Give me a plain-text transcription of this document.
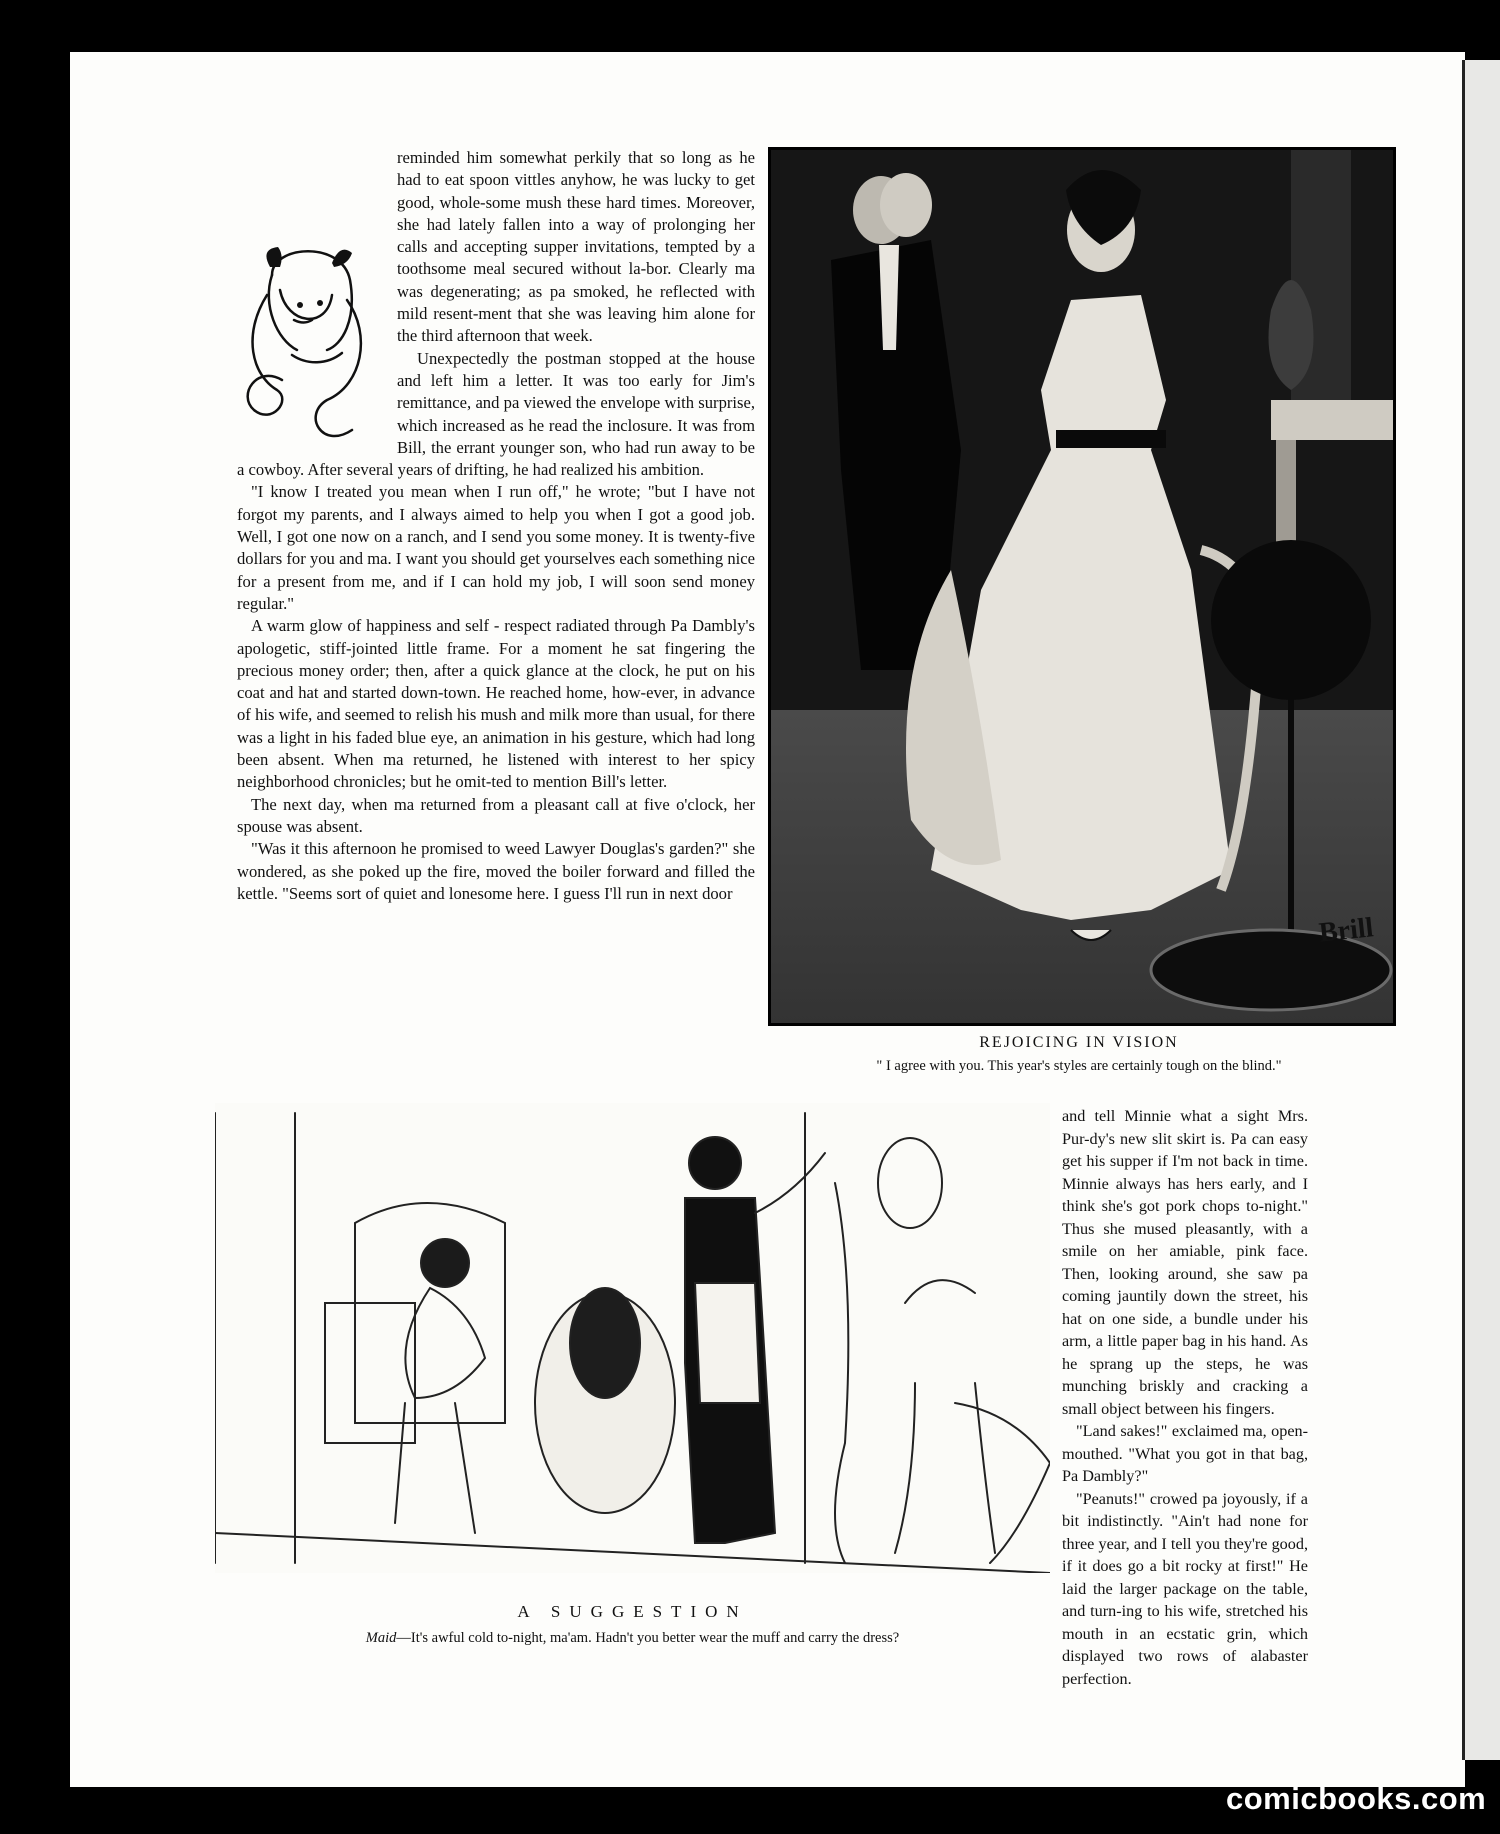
reminded him somewhat perkily that so long as he had to eat spoon vittles anyhow, he was lucky to get good, whole-some mush these hard times. Moreover, she had lately fallen into a way of prolonging her calls and accepting supper invitations, tempted by a toothsome meal secured without la-bor. Clearly ma was degenerating; as pa smoked, he reflected with mild resent-ment that she was leaving him alone for the third afternoon that week.

Unexpectedly the postman stopped at the house and left him a letter. It was too early for Jim's remittance, and pa viewed the envelope with surprise, which increased as he read the inclosure. It was from Bill, the errant younger son, who had run away to be a cowboy. After several years of drifting, he had realized his ambition.

"I know I treated you mean when I run off," he wrote; "but I have not forgot my parents, and I always aimed to help you when I got a good job. Well, I got one now on a ranch, and I send you some money. It is twenty-five dollars for you and ma. I want you should get yourselves each something nice for a present from me, and if I can hold my job, I will soon send money regular."

A warm glow of happiness and self - respect radiated through Pa Dambly's apologetic, stiff-jointed little frame. For a moment he sat fingering the precious money order; then, after a quick glance at the clock, he put on his coat and hat and started down-town. He reached home, how-ever, in advance of his wife, and seemed to relish his mush and milk more than usual, for there was a light in his faded blue eye, an animation in his gesture, which had long been absent. When ma returned, he listened with interest to her spicy neighborhood chronicles; but he omit-ted to mention Bill's letter.

The next day, when ma returned from a pleasant call at five o'clock, her spouse was absent.

"Was it this afternoon he promised to weed Lawyer Douglas's garden?" she wondered, as she poked up the fire, moved the boiler forward and filled the kettle. "Seems sort of quiet and lonesome here. I guess I'll run in next door

and tell Minnie what a sight Mrs. Pur-dy's new slit skirt is. Pa can easy get his supper if I'm not back in time. Minnie always has hers early, and I think she's got pork chops to-night." Thus she mused pleasantly, with a smile on her amiable, pink face. Then, looking around, she saw pa coming jauntily down the street, his hat on one side, a bundle under his arm, a little paper bag in his hand. As he sprang up the steps, he was munching briskly and cracking a small object between his fingers.

"Land sakes!" exclaimed ma, open-mouthed. "What you got in that bag, Pa Dambly?"

"Peanuts!" crowed pa joyously, if a bit indistinctly. "Ain't had none for three year, and I tell you they're good, if it does go a bit rocky at first!" He laid the larger package on the table, and turn-ing to his wife, stretched his mouth in an ecstatic grin, which displayed two rows of alabaster perfection.

Brill
REJOICING IN VISION
" I agree with you. This year's styles are certainly tough on the blind."
A SUGGESTION
Maid—It's awful cold to-night, ma'am. Hadn't you better wear the muff and carry the dress?
comicbooks.com
